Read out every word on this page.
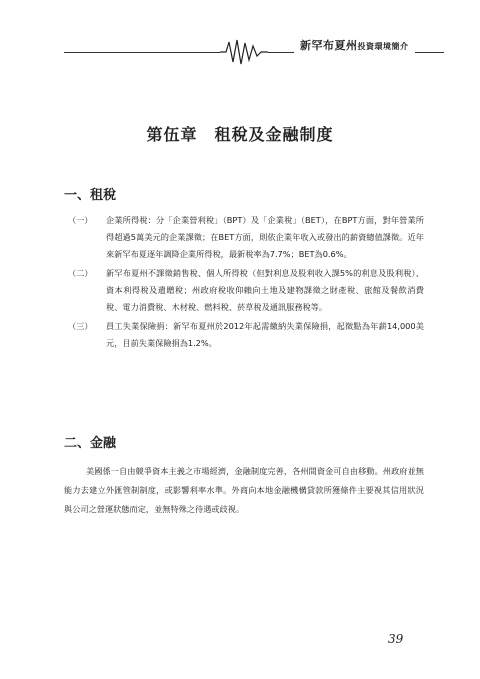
新罕布夏州投資環境簡介
第伍章　租稅及金融制度
一、租稅
（一）	企業所得稅：分「企業營利稅」（BPT）及「企業稅」（BET），在BPT方面，對年營業所得超過5萬美元的企業課徵；在BET方面，則依企業年收入或發出的薪資總值課徵。近年來新罕布夏逐年調降企業所得稅，最新稅率為7.7%；BET為0.6%。
（二）	新罕布夏州不課徵銷售稅、個人所得稅（但對利息及股利收入課5%的利息及股利稅）、資本利得稅及遺贈稅；州政府稅收仰賴向土地及建物課徵之財產稅、旅館及餐飲消費稅、電力消費稅、木材稅、燃料稅、菸草稅及通訊服務稅等。
（三）	員工失業保險捐：新罕布夏州於2012年起需繳納失業保險捐，起徵點為年薪14,000美元，目前失業保險捐為1.2%。
二、金融
美國係一自由競爭資本主義之市場經濟，金融制度完善，各州間資金可自由移動。州政府並無能力去建立外匯管制制度，或影響利率水準。外商向本地金融機構貸款所獲條件主要視其信用狀況與公司之營運狀態而定，並無特殊之待遇或歧視。
39
